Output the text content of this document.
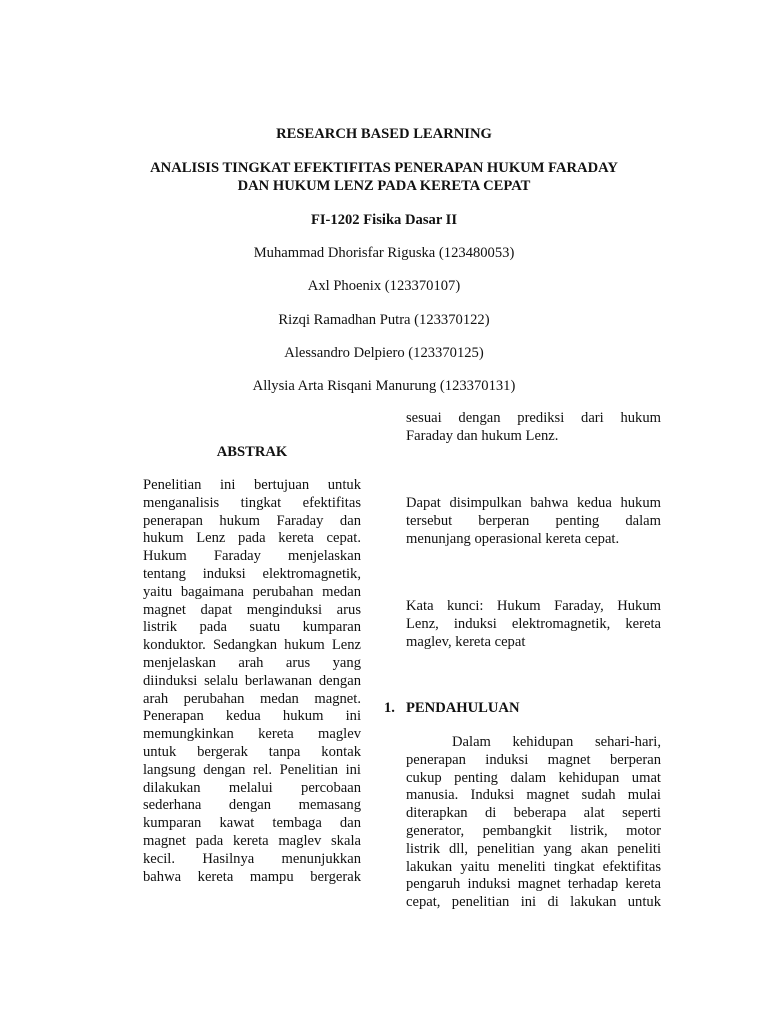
RESEARCH BASED LEARNING
ANALISIS TINGKAT EFEKTIFITAS PENERAPAN HUKUM FARADAY
DAN HUKUM LENZ PADA KERETA CEPAT
FI-1202 Fisika Dasar II
Muhammad Dhorisfar Riguska (123480053)
Axl Phoenix (123370107)
Rizqi Ramadhan Putra (123370122)
Alessandro Delpiero (123370125)
Allysia Arta Risqani Manurung (123370131)
ABSTRAK
Penelitian ini bertujuan untuk
menganalisis tingkat efektifitas
penerapan hukum Faraday dan
hukum Lenz pada kereta cepat.
Hukum Faraday menjelaskan
tentang induksi elektromagnetik,
yaitu bagaimana perubahan medan
magnet dapat menginduksi arus
listrik pada suatu kumparan
konduktor. Sedangkan hukum Lenz
menjelaskan arah arus yang
diinduksi selalu berlawanan dengan
arah perubahan medan magnet.
Penerapan kedua hukum ini
memungkinkan kereta maglev
untuk bergerak tanpa kontak
langsung dengan rel. Penelitian ini
dilakukan melalui percobaan
sederhana dengan memasang
kumparan kawat tembaga dan
magnet pada kereta maglev skala
kecil. Hasilnya menunjukkan
bahwa kereta mampu bergerak
sesuai dengan prediksi dari hukum
Faraday dan hukum Lenz.
Dapat disimpulkan bahwa kedua hukum
tersebut berperan penting dalam
menunjang operasional kereta cepat.
Kata kunci: Hukum Faraday, Hukum
Lenz, induksi elektromagnetik, kereta
maglev, kereta cepat
1. PENDAHULUAN
Dalam kehidupan sehari-hari,
penerapan induksi magnet berperan
cukup penting dalam kehidupan umat
manusia. Induksi magnet sudah mulai
diterapkan di beberapa alat seperti
generator, pembangkit listrik, motor
listrik dll, penelitian yang akan peneliti
lakukan yaitu meneliti tingkat efektifitas
pengaruh induksi magnet terhadap kereta
cepat, penelitian ini di lakukan untuk
